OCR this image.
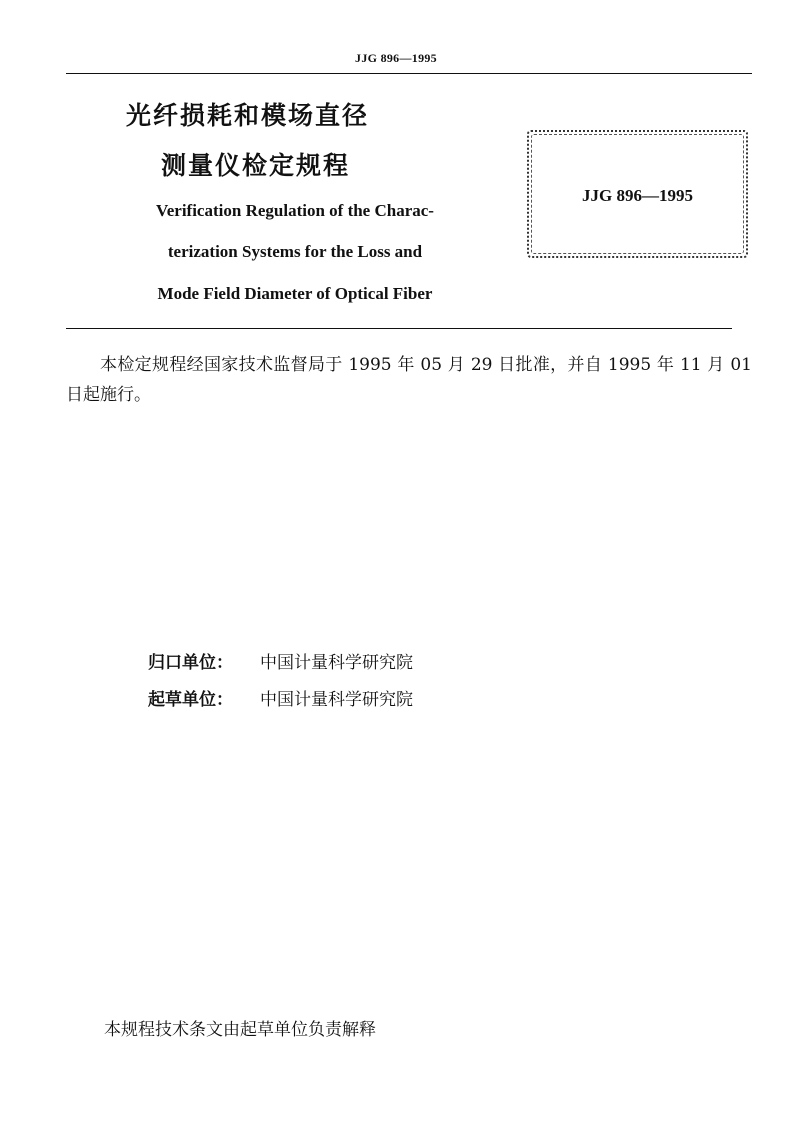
JJG 896—1995
光纤损耗和模场直径
测量仪检定规程
Verification Regulation of the Charac-
terization Systems for the Loss and
Mode Field Diameter of Optical Fiber
JJG 896—1995
本检定规程经国家技术监督局于 1995 年 05 月 29 日批准，并自 1995 年 11 月 01 日起施行。
归口单位： 中国计量科学研究院
起草单位： 中国计量科学研究院
本规程技术条文由起草单位负责解释
